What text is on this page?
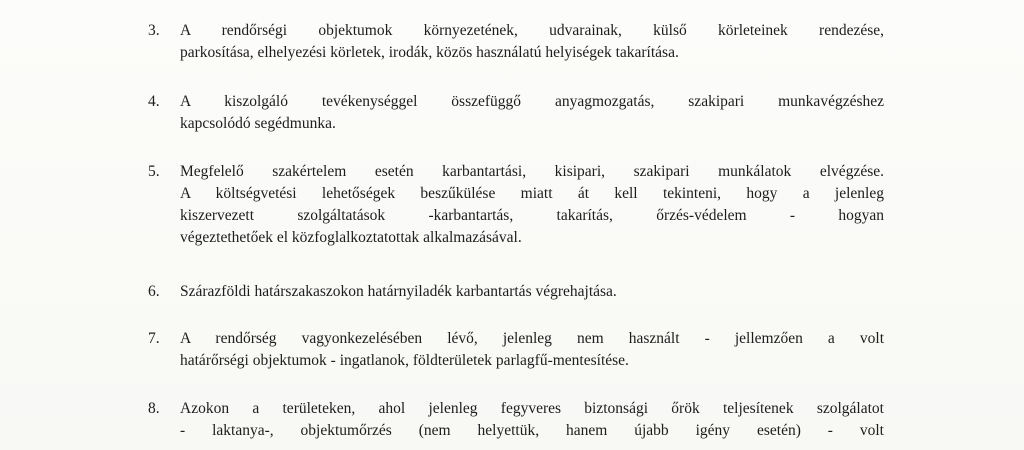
3.	A rendőrségi objektumok környezetének, udvarainak, külső körleteinek rendezése,
parkosítása, elhelyezési körletek, irodák, közös használatú helyiségek takarítása.
4.	A kiszolgáló tevékenységgel összefüggő anyagmozgatás, szakipari munkavégzéshez
kapcsolódó segédmunka.
5.	Megfelelő szakértelem esetén karbantartási, kisipari, szakipari munkálatok elvégzése.
A költségvetési lehetőségek beszűkülése miatt át kell tekinteni, hogy a jelenleg
kiszervezett szolgáltatások -karbantartás, takarítás, őrzés-védelem - hogyan
végeztethetőek el közfoglalkoztatottak alkalmazásával.
6.	Szárazföldi határszakaszokon határnyiladék karbantartás végrehajtása.
7.	A rendőrség vagyonkezelésében lévő, jelenleg nem használt - jellemzően a volt
határőrségi objektumok - ingatlanok, földterületek parlagfű-mentesítése.
8.	Azokon a területeken, ahol jelenleg fegyveres biztonsági őrök teljesítenek szolgálatot
- laktanya-, objektumőrzés (nem helyettük, hanem újabb igény esetén) - volt
